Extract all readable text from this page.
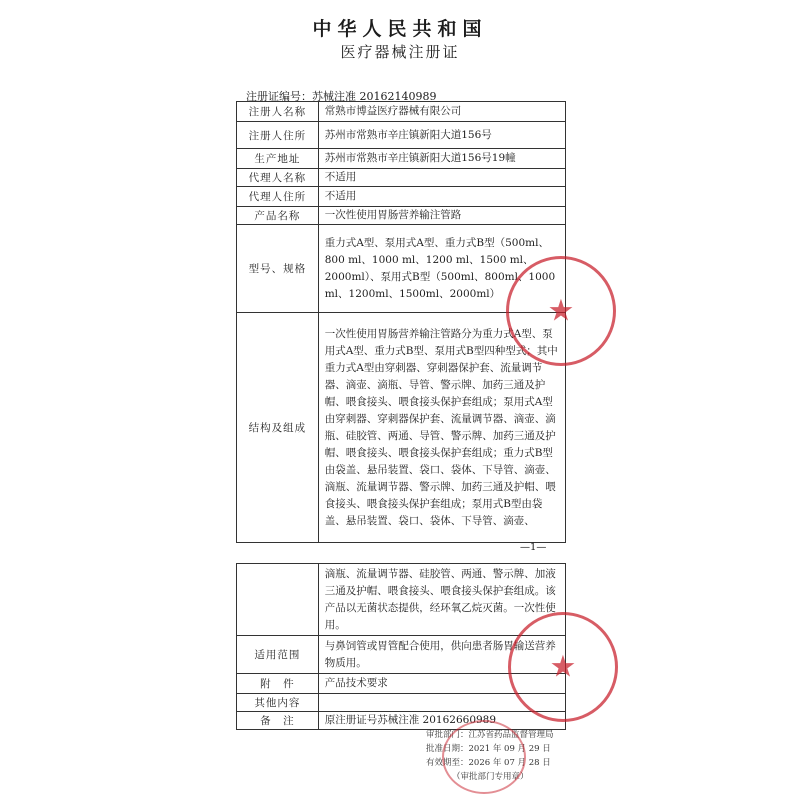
中华人民共和国
医疗器械注册证
注册证编号：苏械注准 20162140989
注册人名称	常熟市博益医疗器械有限公司
注册人住所	苏州市常熟市辛庄镇新阳大道156号
生产地址	苏州市常熟市辛庄镇新阳大道156号19幢
代理人名称	不适用
代理人住所	不适用
产品名称	一次性使用胃肠营养输注管路
型号、规格	重力式A型、泵用式A型、重力式B型（500ml、800 ml、1000 ml、1200 ml、1500 ml、2000ml）、泵用式B型（500ml、800ml、1000 ml、1200ml、1500ml、2000ml）
结构及组成	一次性使用胃肠营养输注管路分为重力式A型、泵用式A型、重力式B型、泵用式B型四种型式；其中重力式A型由穿刺器、穿刺器保护套、流量调节器、滴壶、滴瓶、导管、警示牌、加药三通及护帽、喂食接头、喂食接头保护套组成；泵用式A型由穿刺器、穿刺器保护套、流量调节器、滴壶、滴瓶、硅胶管、两通、导管、警示牌、加药三通及护帽、喂食接头、喂食接头保护套组成；重力式B型由袋盖、悬吊装置、袋口、袋体、下导管、滴壶、滴瓶、流量调节器、警示牌、加药三通及护帽、喂食接头、喂食接头保护套组成；泵用式B型由袋盖、悬吊装置、袋口、袋体、下导管、滴壶、
—1—
	滴瓶、流量调节器、硅胶管、两通、警示牌、加液三通及护帽、喂食接头、喂食接头保护套组成。该产品以无菌状态提供，经环氧乙烷灭菌。一次性使用。
适用范围	与鼻饲管或胃管配合使用，供向患者肠胃输送营养物质用。
附　件	产品技术要求
其他内容	
备　注	原注册证号苏械注准 20162660989
审批部门：江苏省药品监督管理局
批准日期：2021 年 09 月 29 日
有效期至：2026 年 07 月 28 日
（审批部门专用章）
★
★
